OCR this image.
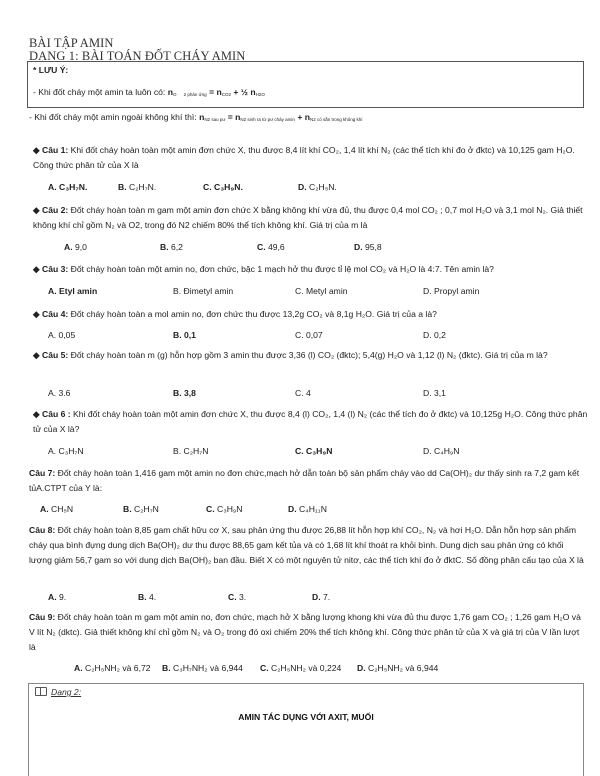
BÀI TẬP AMIN
DẠNG 1: BÀI TOÁN ĐỐT CHÁY AMIN
* LƯU Ý:
- Khi đốt cháy một amin ta luôn có: nO 2 phản ứng = nCO2 + ½ nH2O
- Khi đốt cháy một amin ngoài không khí thì: nN2 sau pư = nN2 sinh ra từ pư cháy amin + nN2 có sẵn trong không khí
◆ Câu 1: Khi đốt cháy hoàn toàn một amin đơn chức X, thu được 8,4 lít khí CO₂, 1,4 lít khí N₂ (các thể tích khí đo ở đktc) và 10,125 gam H₂O. Công thức phân tử của X là
A. C₃H₇N.	B. C₂H₇N.	C. C₃H₉N.	D. C₂H₅N.
◆ Câu 2: Đốt cháy hoàn toàn m gam một amin đơn chức X bằng không khí vừa đủ, thu được 0,4 mol CO₂ ; 0,7 mol H₂O và 3,1 mol N₂. Giả thiết không khí chỉ gồm N₂ và O2, trong đó N2 chiếm 80% thể tích không khí. Giá trị của m là
A. 9,0	B. 6,2	C. 49,6	D. 95,8
◆ Câu 3: Đốt cháy hoàn toàn một amin no, đơn chức, bậc 1 mạch hở thu được tỉ lệ mol CO₂ và H₂O là 4:7. Tên amin là?
A. Etyl amin	B. Đimetyl amin	C. Metyl amin	D. Propyl amin
◆ Câu 4: Đốt cháy hoàn toàn a mol amin no, đơn chức thu được 13,2g CO₂ và 8,1g H₂O. Giá trị của a là?
A. 0,05	B. 0,1	C. 0,07	D. 0,2
◆ Câu 5: Đốt cháy hoàn toàn m (g) hỗn hợp gồm 3 amin thu được 3,36 (l) CO₂ (đktc); 5,4(g) H₂O và 1,12 (l) N₂ (đktc). Giá trị của m là?
A. 3.6	B. 3,8	C. 4	D. 3,1
◆ Câu 6 : Khi đốt cháy hoàn toàn một amin đơn chức X, thu được 8,4 (l) CO₂, 1,4 (l) N₂ (các thể tích đo ở đktc) và 10,125g H₂O. Công thức phân tử của X là?
A. C₃H₇N	B. C₂H₇N	C. C₃H₉N	D. C₄H₉N
Câu 7: Đốt cháy hoàn toàn 1,416 gam một amin no đơn chức,mạch hở dẫn toàn bộ sản phẩm cháy vào dd Ca(OH)₂ dư thấy sinh ra 7,2 gam kết tủA.CTPT của Y là:
A. CH₅N	B. C₂H₇N	C. C₃H₉N	D. C₄H₁₁N
Câu 8: Đốt cháy hoàn toàn 8,85 gam chất hữu cơ X, sau phản ứng thu được 26,88 lít hỗn hợp khí CO₂, N₂ và hơi H₂O. Dẫn hỗn hợp sản phẩm cháy qua bình đựng dung dịch Ba(OH)₂ dư thu được 88,65 gam kết tủa và có 1,68 lít khí thoát ra khỏi bình. Dung dịch sau phản ứng có khối lượng giảm 56,7 gam so với dung dịch Ba(OH)₂ ban đầu. Biết X có một nguyên tử nitơ, các thể tích khí đo ở đktC. Số đồng phân cấu tạo của X là
A. 9.	B. 4.	C. 3.	D. 7.
Câu 9: Đốt cháy hoàn toàn m gam một amin no, đơn chức, mạch hở X bằng lượng khong khi vừa đủ thu được 1,76 gam CO₂ ; 1,26 gam H₂O và V lít N₂ (dktc). Giả thiết không khí chỉ gồm N₂ và O₂ trong đó oxi chiếm 20% thể tích không khí. Công thức phân tử của X và giá trị của V lần lượt là
A. C₂H₅NH₂ và 6,72 B. C₃H₇NH₂ và 6,944 C. C₂H₅NH₂ và 0,224 D. C₂H₅NH₂ và 6,944
Dạng 2:
AMIN TÁC DỤNG VỚI AXIT, MUỐI
